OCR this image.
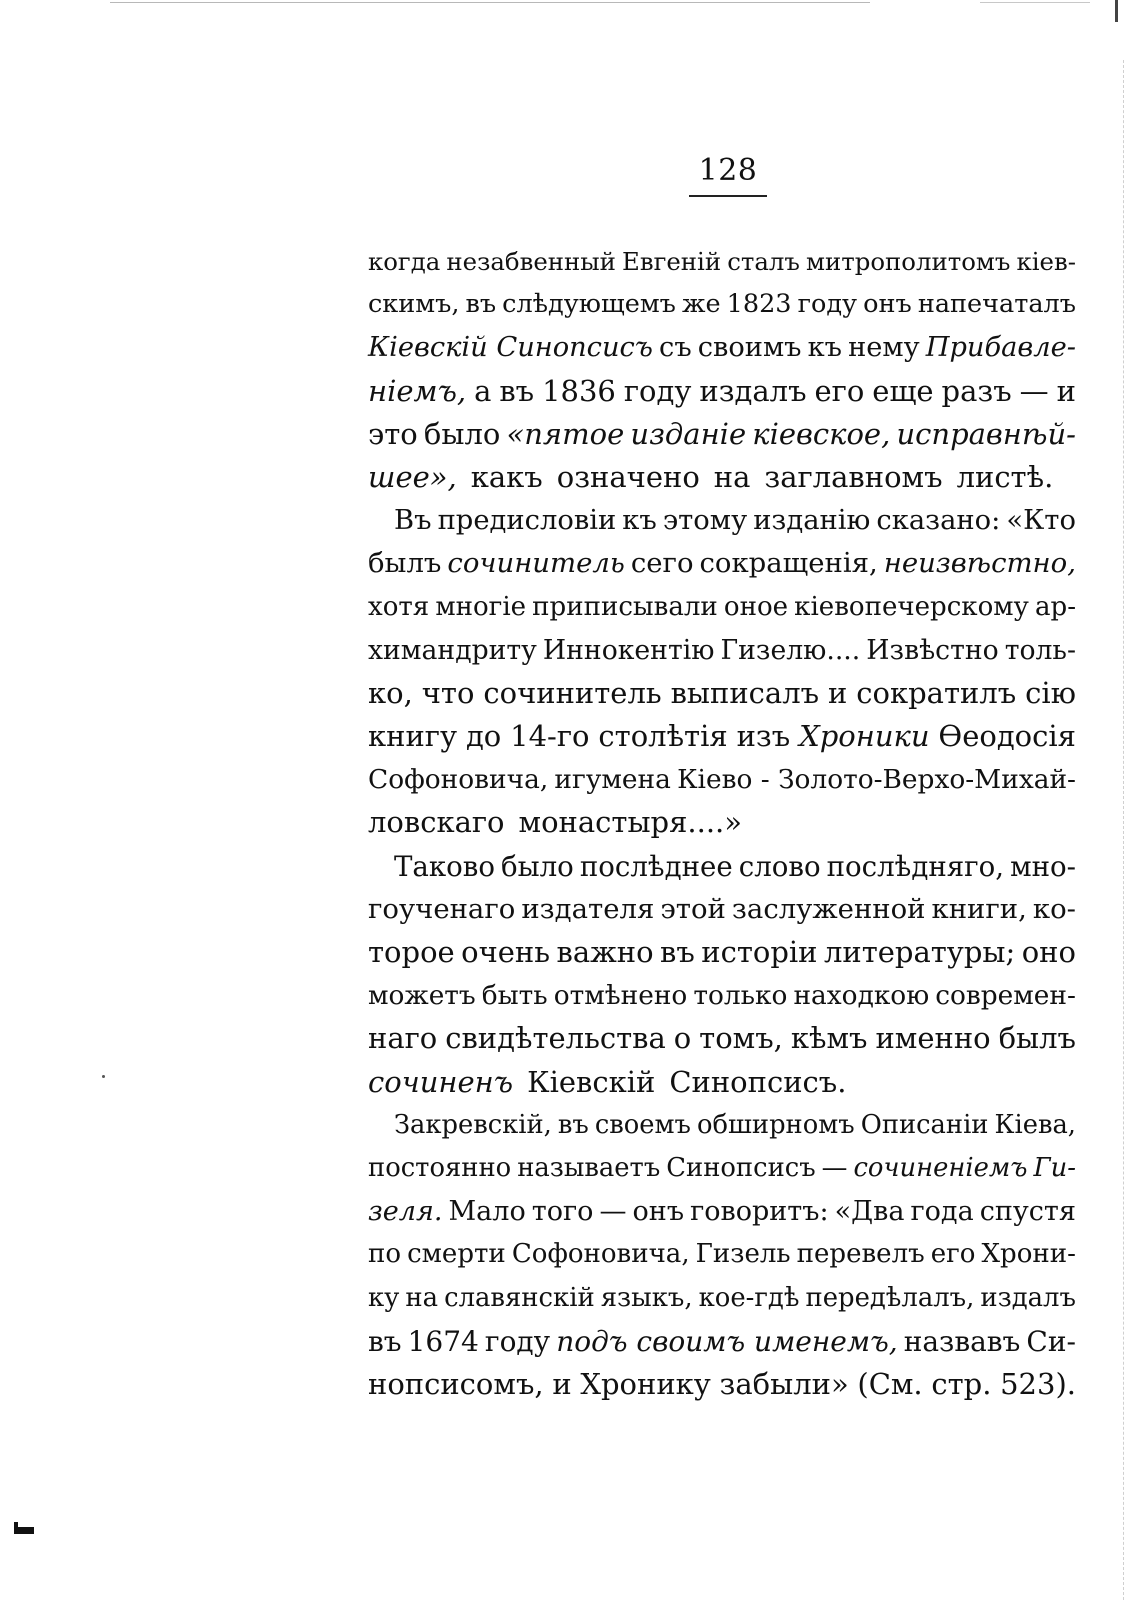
128
когда незабвенный Евгеній сталъ митрополитомъ кіев-
скимъ, въ слѣдующемъ же 1823 году онъ напечаталъ
Кіевскій Синопсисъ съ своимъ къ нему Прибавле-
ніемъ, а въ 1836 году издалъ его еще разъ — и
это было «пятое изданіе кіевское, исправнѣй-
шее», какъ означено на заглавномъ листѣ.
Въ предисловіи къ этому изданію сказано: «Кто
былъ сочинитель сего сокращенія, неизвѣстно,
хотя многіе приписывали оное кіевопечерскому ар-
химандриту Иннокентію Гизелю.... Извѣстно толь-
ко, что сочинитель выписалъ и сократилъ сію
книгу до 14-го столѣтія изъ Хроники Өеодосія
Софоновича, игумена Кіево - Золото-Верхо-Михай-
ловскаго монастыря....»
Таково было послѣднее слово послѣдняго, мно-
гоученаго издателя этой заслуженной книги, ко-
торое очень важно въ исторіи литературы; оно
можетъ быть отмѣнено только находкою современ-
наго свидѣтельства о томъ, кѣмъ именно былъ
сочиненъ Кіевскій Синопсисъ.
Закревскій, въ своемъ обширномъ Описаніи Кіева,
постоянно называетъ Синопсисъ — сочиненіемъ Ги-
зеля. Мало того — онъ говоритъ: «Два года спустя
по смерти Софоновича, Гизель перевелъ его Хрони-
ку на славянскій языкъ, кое-гдѣ передѣлалъ, издалъ
въ 1674 году подъ своимъ именемъ, назвавъ Си-
нопсисомъ, и Хронику забыли» (См. стр. 523).
